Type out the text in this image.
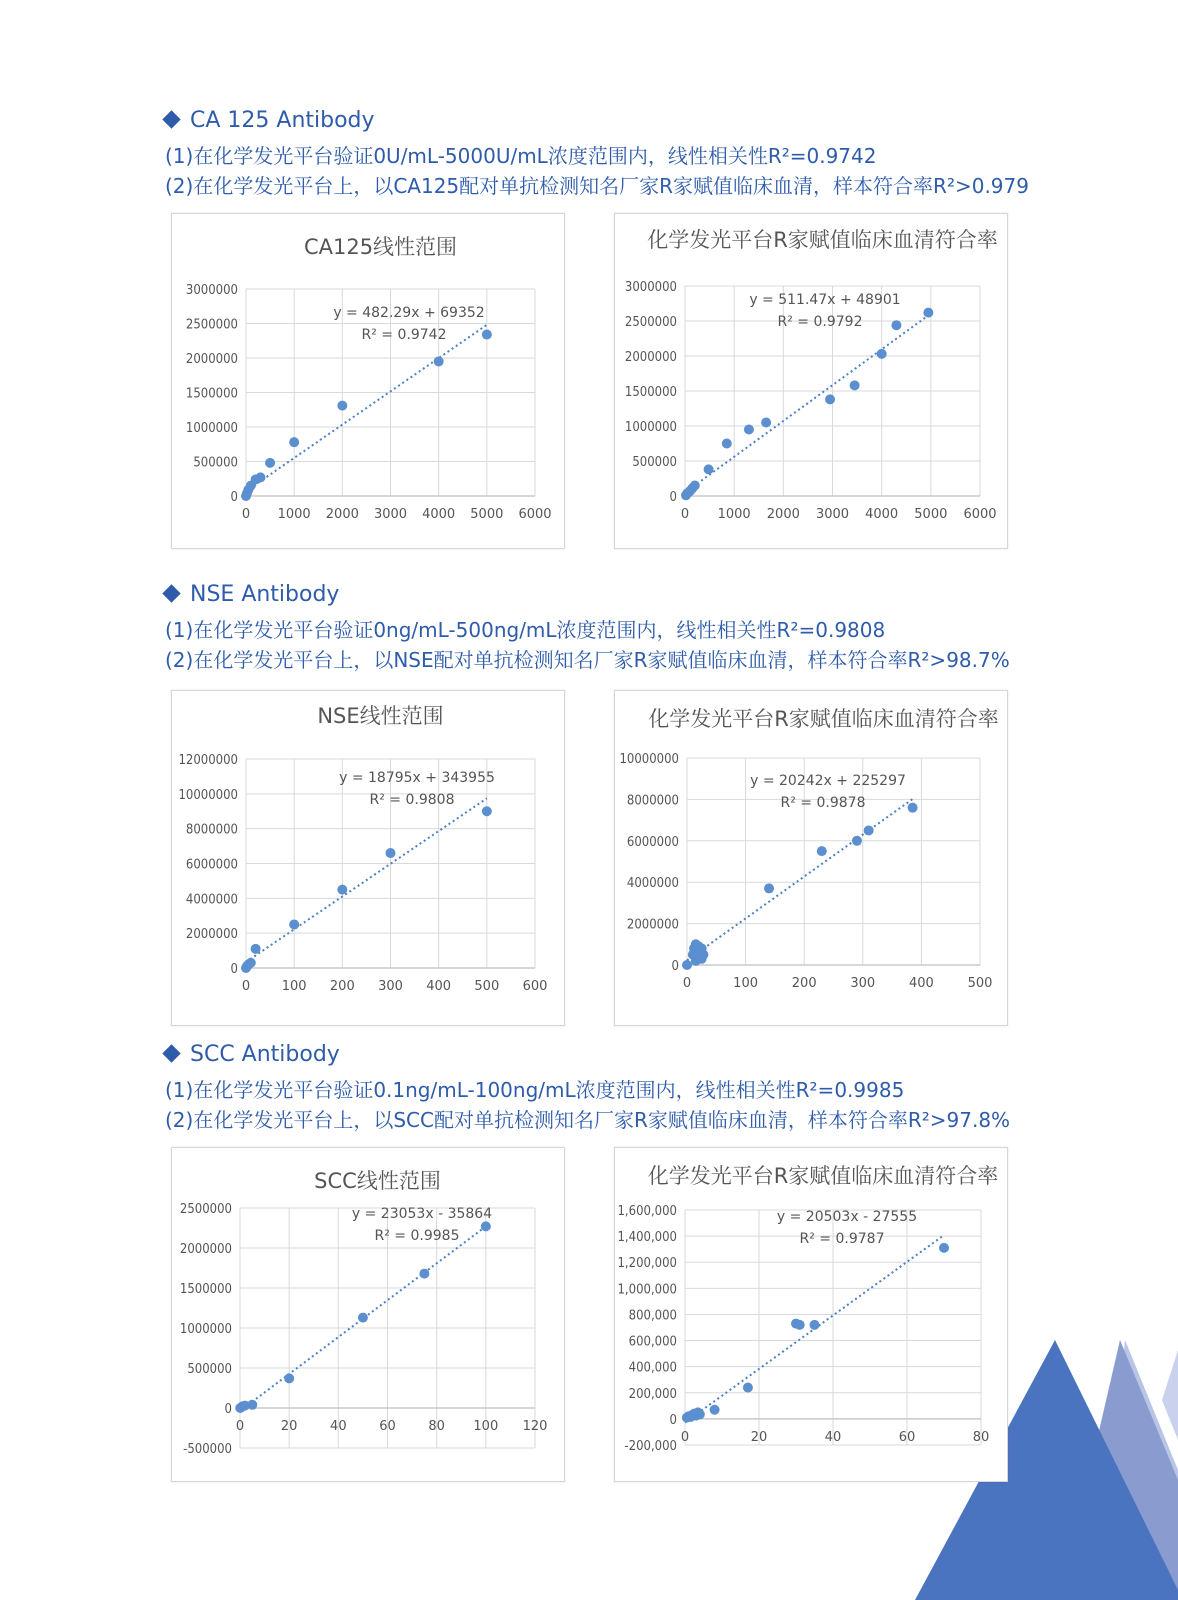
CA 125 Antibody
(1)在化学发光平台验证0U/mL-5000U/mL浓度范围内，线性相关性R²=0.9742
(2)在化学发光平台上，以CA125配对单抗检测知名厂家R家赋值临床血清，样本符合率R²>0.979
NSE Antibody
(1)在化学发光平台验证0ng/mL-500ng/mL浓度范围内，线性相关性R²=0.9808
(2)在化学发光平台上，以NSE配对单抗检测知名厂家R家赋值临床血清，样本符合率R²>98.7%
SCC Antibody
(1)在化学发光平台验证0.1ng/mL-100ng/mL浓度范围内，线性相关性R²=0.9985
(2)在化学发光平台上，以SCC配对单抗检测知名厂家R家赋值临床血清，样本符合率R²>97.8%
CA125线性范围
0
500000
1000000
1500000
2000000
2500000
3000000
0 1000 2000 3000 4000 5000 6000
y = 482.29x + 69352
R² = 0.9742
化学发光平台R家赋值临床血清符合率
0
500000
1000000
1500000
2000000
2500000
3000000
0 1000 2000 3000 4000 5000 6000
y = 511.47x + 48901
R² = 0.9792
NSE线性范围
0
2000000
4000000
6000000
8000000
10000000
12000000
0 100 200 300 400 500 600
y = 18795x + 343955
R² = 0.9808
化学发光平台R家赋值临床血清符合率
0
2000000
4000000
6000000
8000000
10000000
0	100	200	300	400	500
y = 20242x + 225297
R² = 0.9878
SCC线性范围
-500000
0
500000
1000000
1500000
2000000
2500000
0	20	40	60	80 100 120
y = 23053x - 35864
R² = 0.9985
化学发光平台R家赋值临床血清符合率
-200,000
0
200,000
400,000
600,000
800,000
1,000,000
1,200,000
1,400,000
1,600,000
0	20	40	60	80
y = 20503x - 27555
R² = 0.9787
